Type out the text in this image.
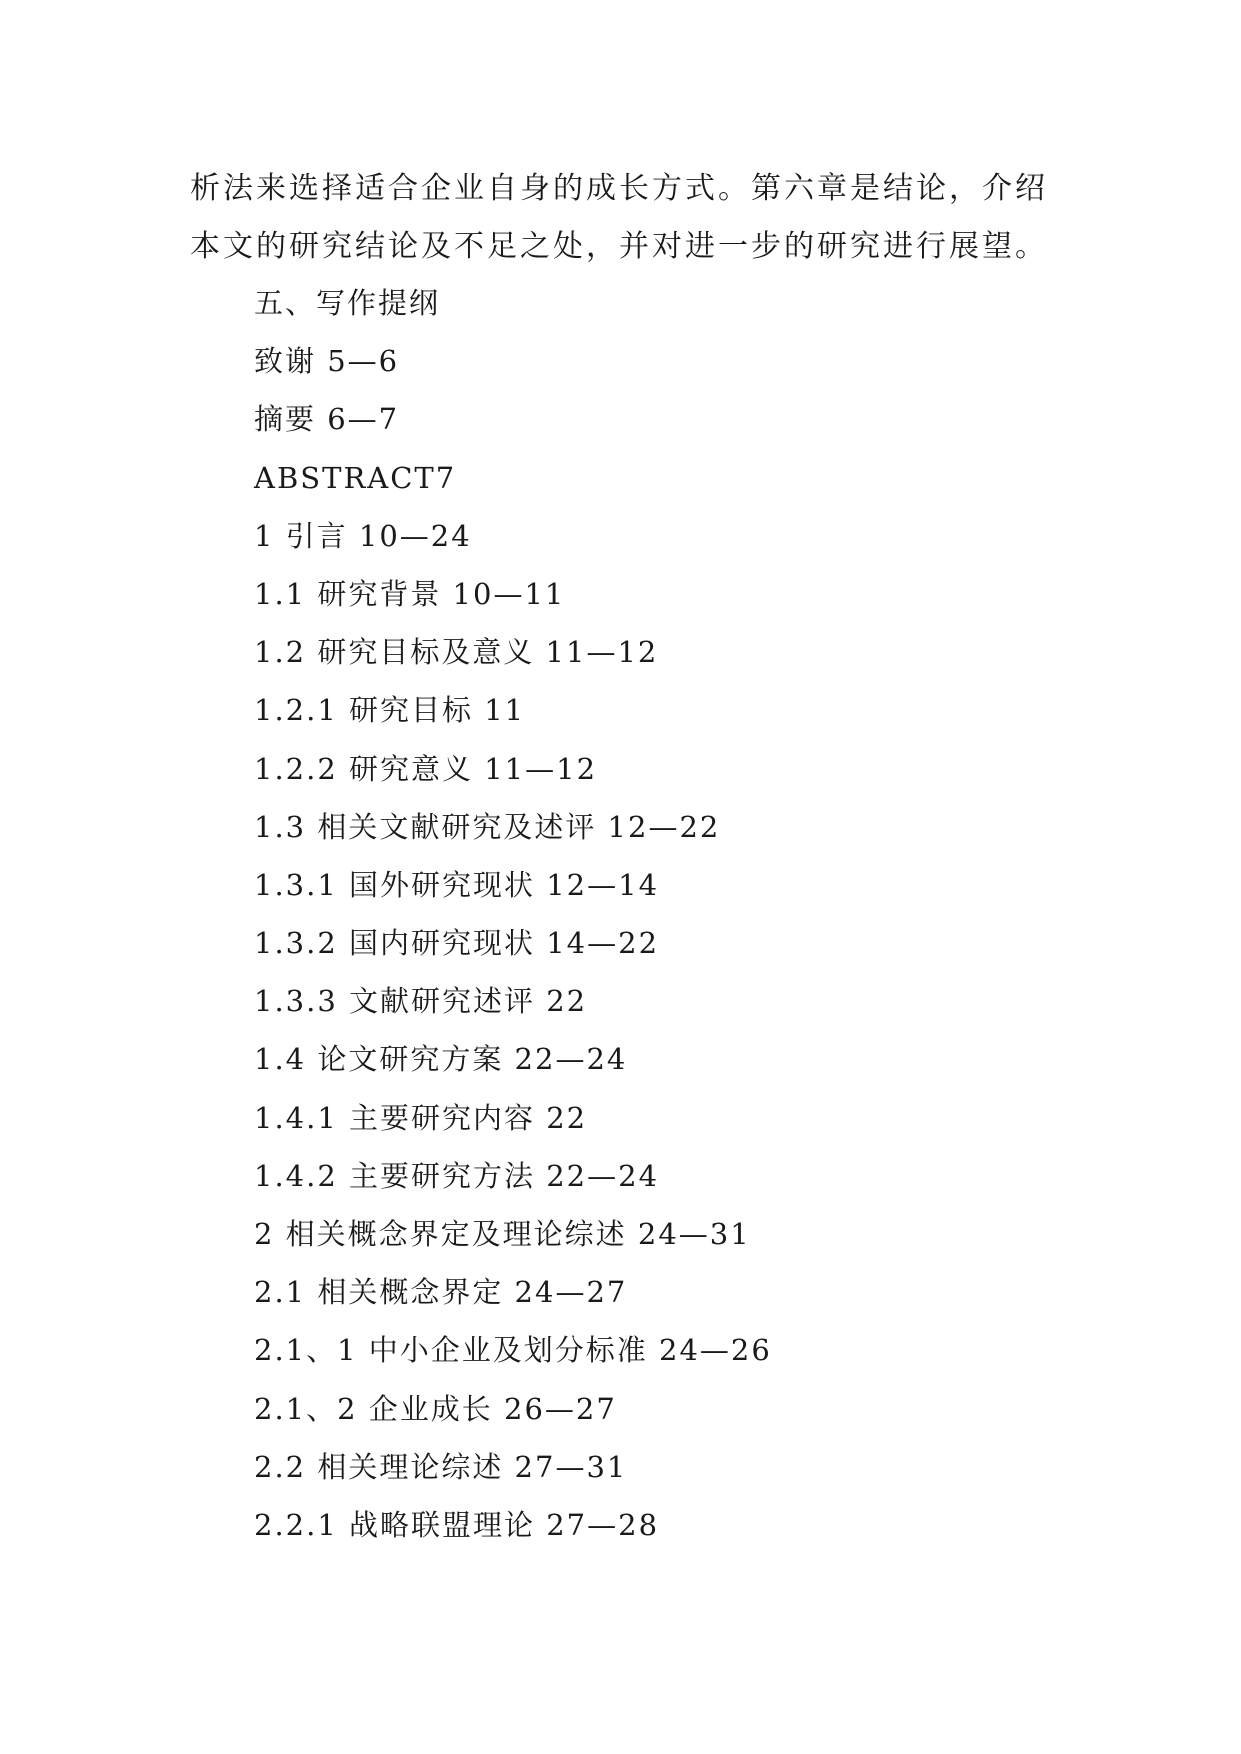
析法来选择适合企业自身的成长方式。第六章是结论，介绍
本文的研究结论及不足之处，并对进一步的研究进行展望。

五、写作提纲
致谢 5—6
摘要 6—7
ABSTRACT7
1 引言 10—24
1.1 研究背景 10—11
1.2 研究目标及意义 11—12
1.2.1 研究目标 11
1.2.2 研究意义 11—12
1.3 相关文献研究及述评 12—22
1.3.1 国外研究现状 12—14
1.3.2 国内研究现状 14—22
1.3.3 文献研究述评 22
1.4 论文研究方案 22—24
1.4.1 主要研究内容 22
1.4.2 主要研究方法 22—24
2 相关概念界定及理论综述 24—31
2.1 相关概念界定 24—27
2.1、1 中小企业及划分标准 24—26
2.1、2 企业成长 26—27
2.2 相关理论综述 27—31
2.2.1 战略联盟理论 27—28
